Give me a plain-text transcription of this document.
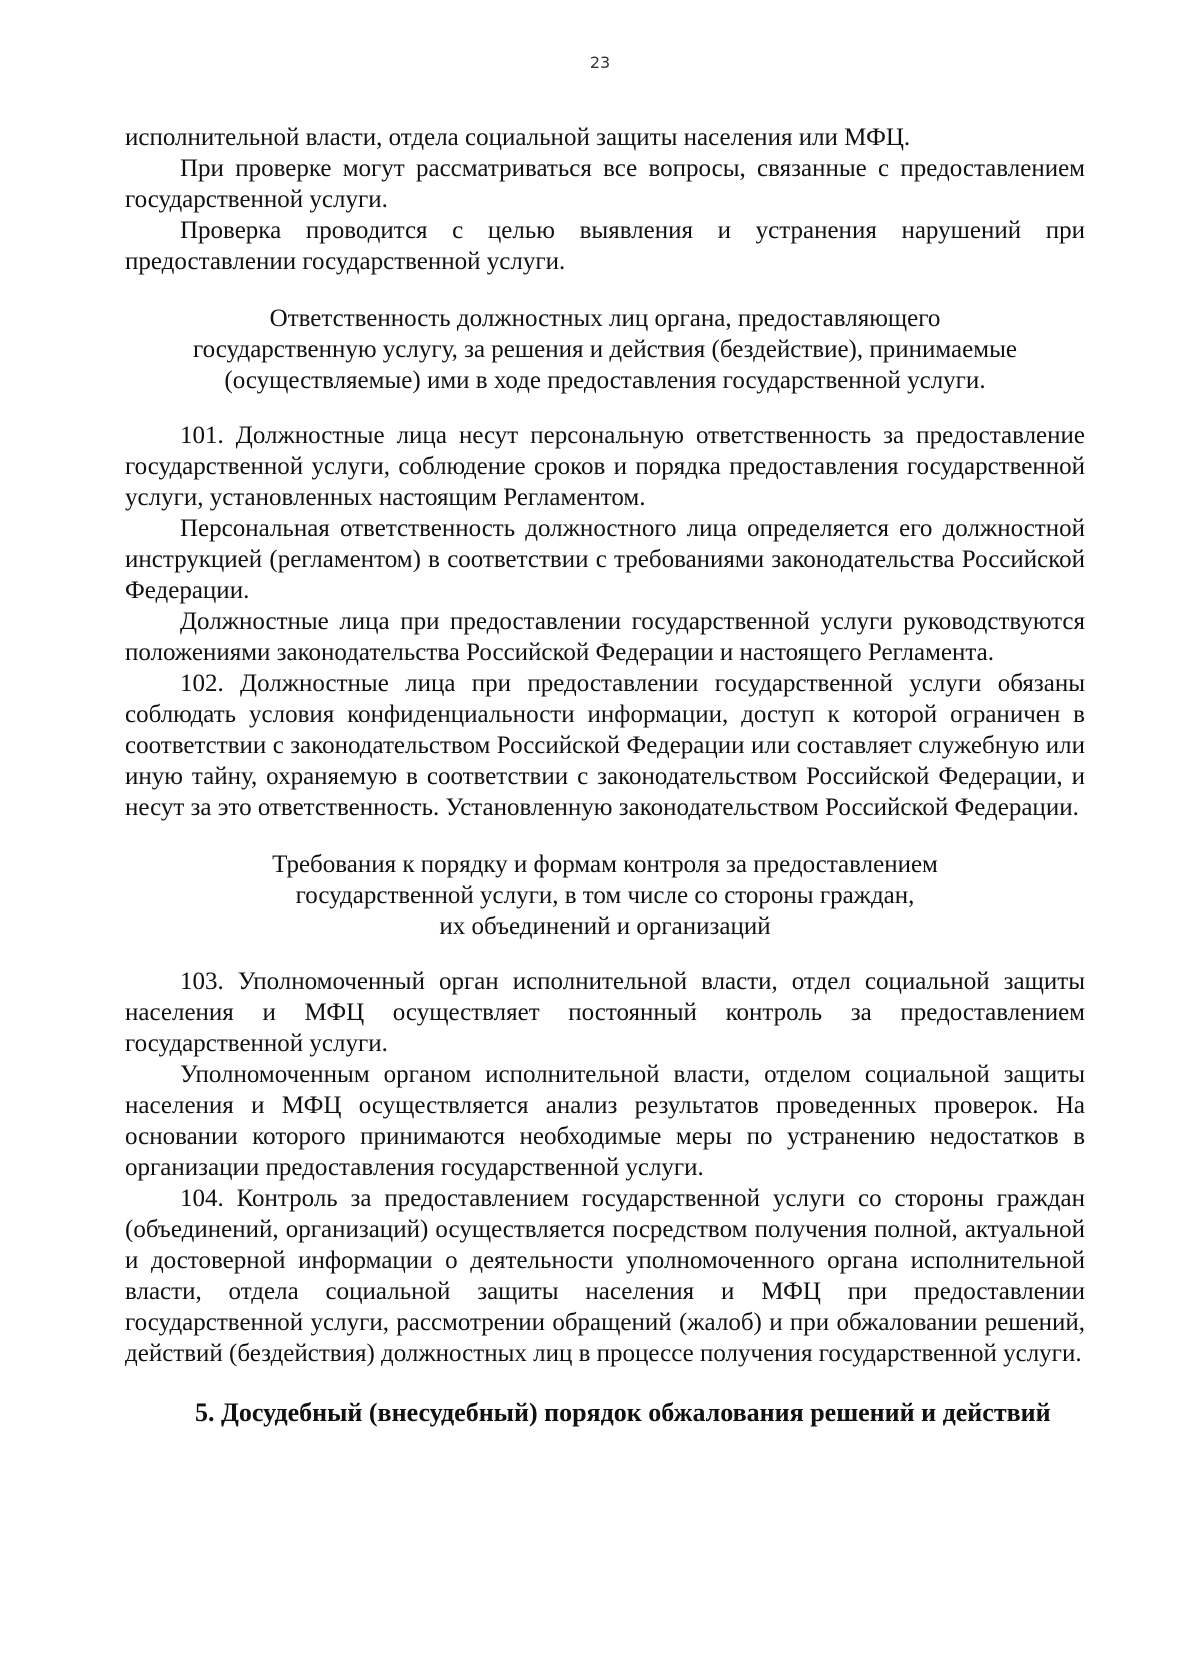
23
исполнительной власти, отдела социальной защиты населения или МФЦ.
При проверке могут рассматриваться все вопросы, связанные с предоставлением государственной услуги.
Проверка проводится с целью выявления и устранения нарушений при предоставлении государственной услуги.
Ответственность должностных лиц органа, предоставляющего
государственную услугу, за решения и действия (бездействие), принимаемые
(осуществляемые) ими в ходе предоставления государственной услуги.
101. Должностные лица несут персональную ответственность за предоставление государственной услуги, соблюдение сроков и порядка предоставления государственной услуги, установленных настоящим Регламентом.
Персональная ответственность должностного лица определяется его должностной инструкцией (регламентом) в соответствии с требованиями законодательства Российской Федерации.
Должностные лица при предоставлении государственной услуги руководствуются положениями законодательства Российской Федерации и настоящего Регламента.
102. Должностные лица при предоставлении государственной услуги обязаны соблюдать условия конфиденциальности информации, доступ к которой ограничен в соответствии с законодательством Российской Федерации или составляет служебную или иную тайну, охраняемую в соответствии с законодательством Российской Федерации, и несут за это ответственность. Установленную законодательством Российской Федерации.
Требования к порядку и формам контроля за предоставлением
государственной услуги, в том числе со стороны граждан,
их объединений и организаций
103. Уполномоченный орган исполнительной власти, отдел социальной защиты населения и МФЦ осуществляет постоянный контроль за предоставлением государственной услуги.
Уполномоченным органом исполнительной власти, отделом социальной защиты населения и МФЦ осуществляется анализ результатов проведенных проверок. На основании которого принимаются необходимые меры по устранению недостатков в организации предоставления государственной услуги.
104. Контроль за предоставлением государственной услуги со стороны граждан (объединений, организаций) осуществляется посредством получения полной, актуальной и достоверной информации о деятельности уполномоченного органа исполнительной власти, отдела социальной защиты населения и МФЦ при предоставлении государственной услуги, рассмотрении обращений (жалоб) и при обжаловании решений, действий (бездействия) должностных лиц в процессе получения государственной услуги.
5. Досудебный (внесудебный) порядок обжалования решений и действий
